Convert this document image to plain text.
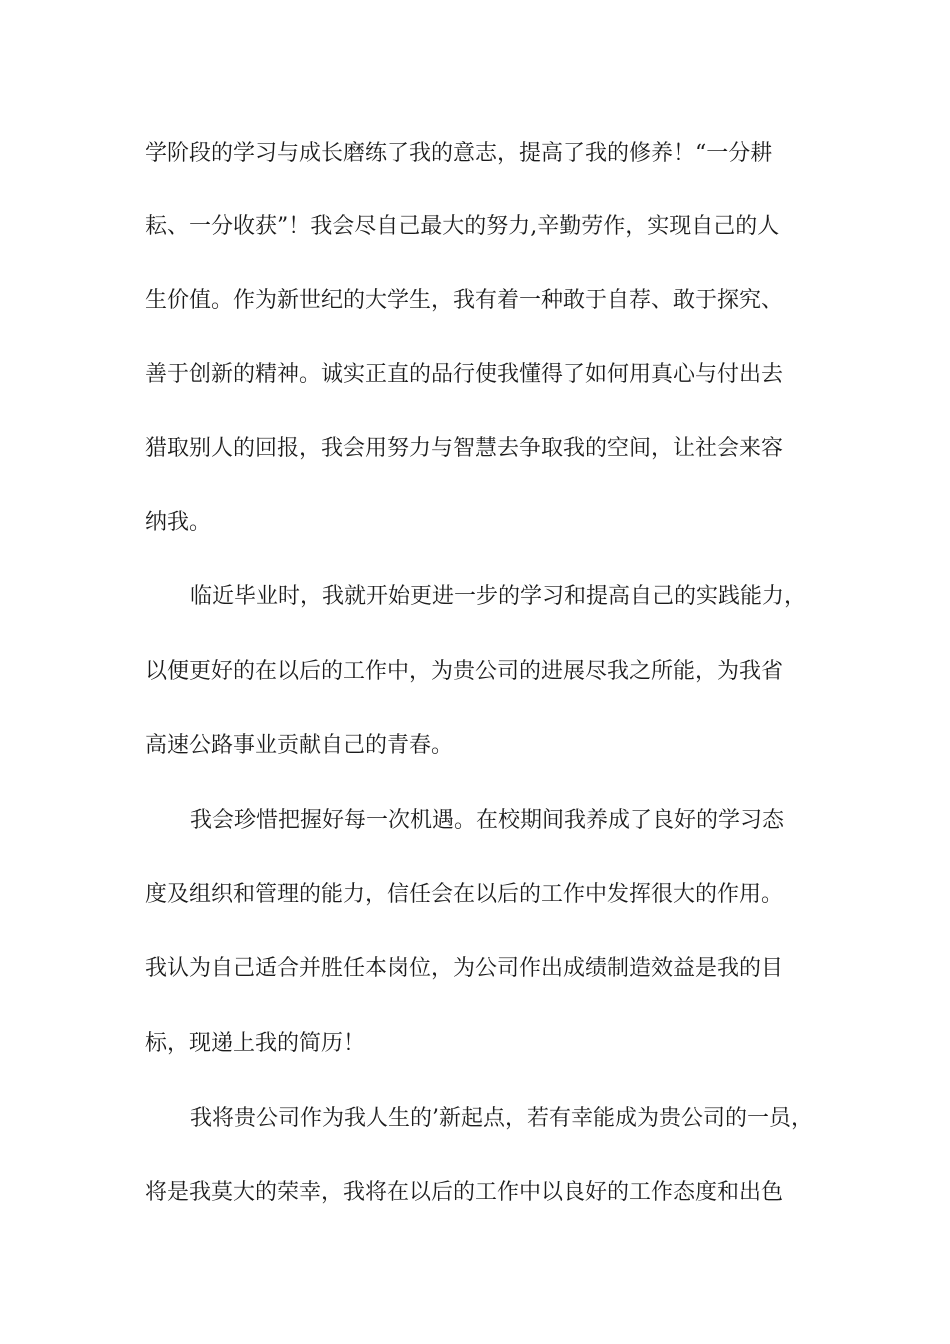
学阶段的学习与成长磨练了我的意志，提高了我的修养！“一分耕
耘、一分收获”！我会尽自己最大的努力,辛勤劳作，实现自己的人
生价值。作为新世纪的大学生，我有着一种敢于自荐、敢于探究、
善于创新的精神。诚实正直的品行使我懂得了如何用真心与付出去
猎取别人的回报，我会用努力与智慧去争取我的空间，让社会来容
纳我。
临近毕业时，我就开始更进一步的学习和提高自己的实践能力，
以便更好的在以后的工作中，为贵公司的进展尽我之所能，为我省
高速公路事业贡献自己的青春。
我会珍惜把握好每一次机遇。在校期间我养成了良好的学习态
度及组织和管理的能力，信任会在以后的工作中发挥很大的作用。
我认为自己适合并胜任本岗位，为公司作出成绩制造效益是我的目
标，现递上我的简历！
我将贵公司作为我人生的’新起点，若有幸能成为贵公司的一员，
将是我莫大的荣幸，我将在以后的工作中以良好的工作态度和出色
